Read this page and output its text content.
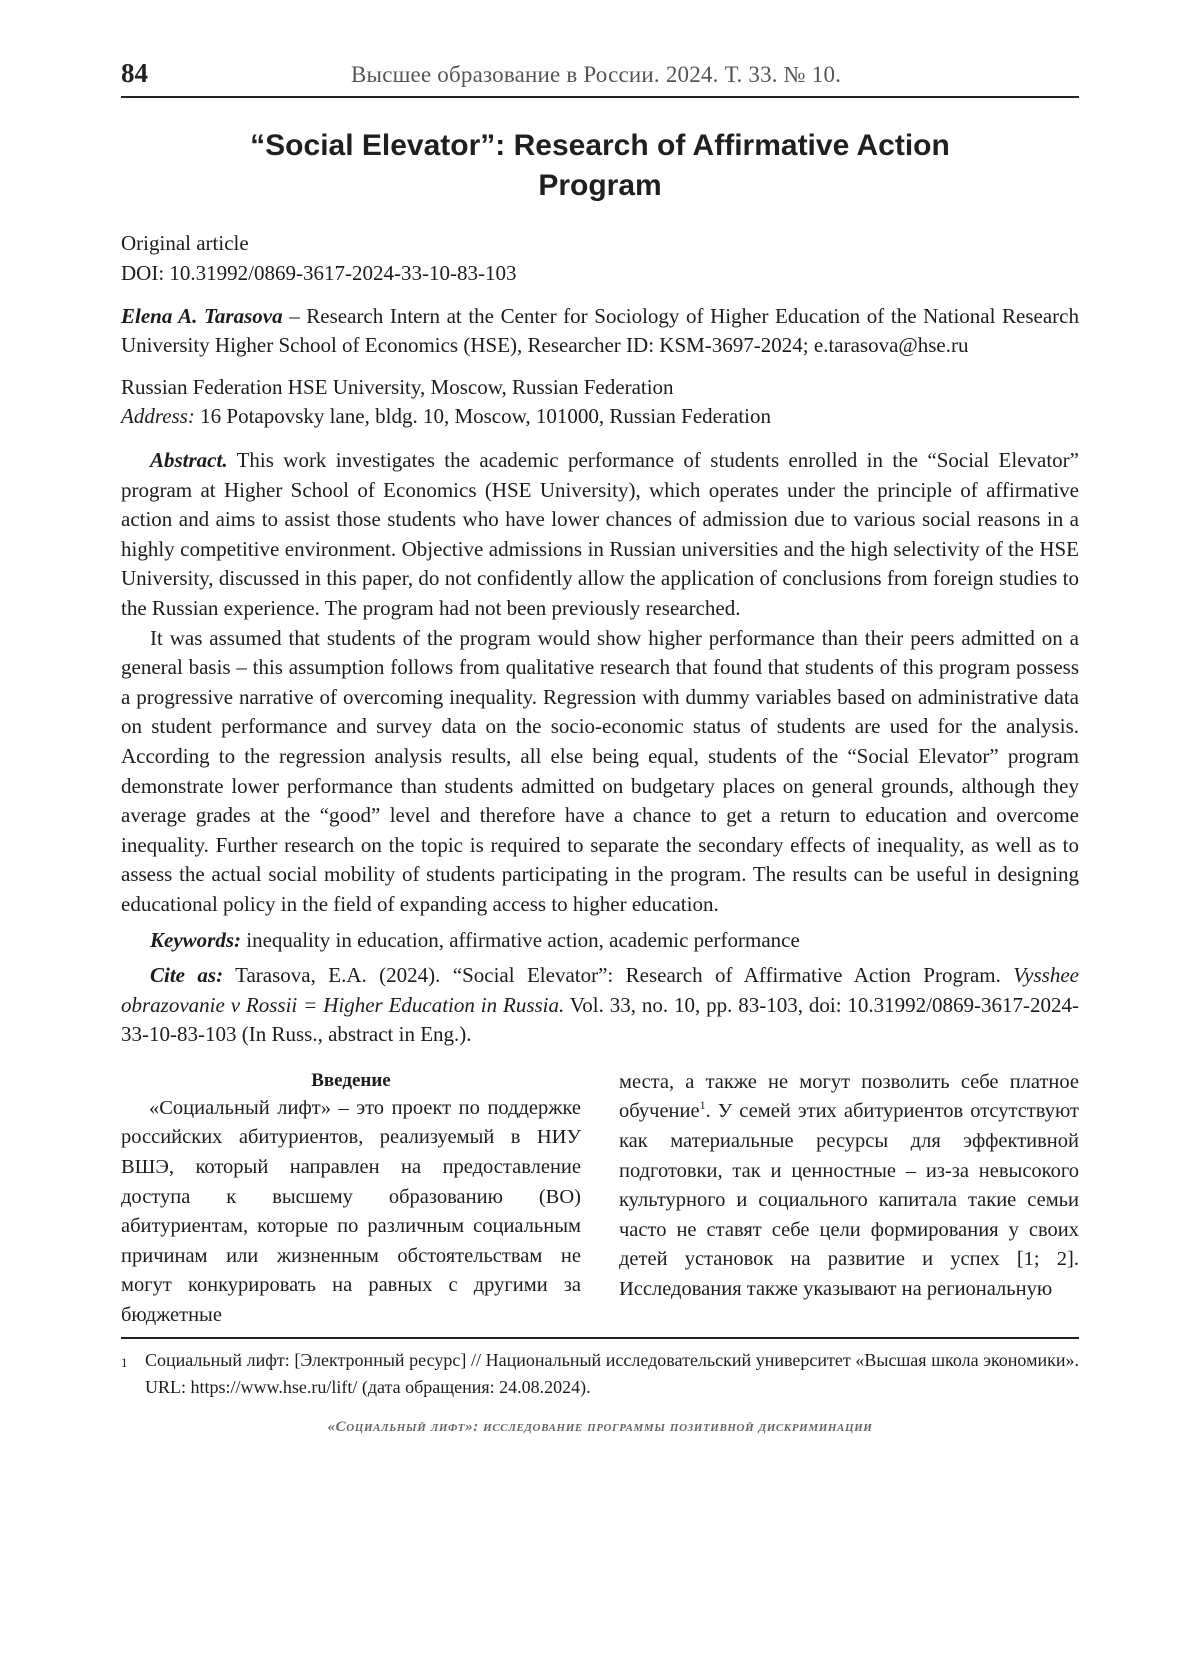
84	Высшее образование в России. 2024. Т. 33. № 10.
“Social Elevator”: Research of Affirmative Action
Program
Original article
DOI: 10.31992/0869-3617-2024-33-10-83-103
Elena A. Tarasova – Research Intern at the Center for Sociology of Higher Education of the National Research University Higher School of Economics (HSE), Researcher ID: KSM-3697-2024; e.tarasova@hse.ru
Russian Federation HSE University, Moscow, Russian Federation
Address: 16 Potapovsky lane, bldg. 10, Moscow, 101000, Russian Federation

Abstract. This work investigates the academic performance of students enrolled in the “Social Elevator” program at Higher School of Economics (HSE University), which operates under the principle of affirmative action and aims to assist those students who have lower chances of admission due to various social reasons in a highly competitive environment. Objective admissions in Russian universities and the high selectivity of the HSE University, discussed in this paper, do not confidently allow the application of conclusions from foreign studies to the Russian experience. The program had not been previously researched.

It was assumed that students of the program would show higher performance than their peers admitted on a general basis – this assumption follows from qualitative research that found that students of this program possess a progressive narrative of overcoming inequality. Regression with dummy variables based on administrative data on student performance and survey data on the socio-economic status of students are used for the analysis. According to the regression analysis results, all else being equal, students of the “Social Elevator” program demonstrate lower performance than students admitted on budgetary places on general grounds, although they average grades at the “good” level and therefore have a chance to get a return to education and overcome inequality. Further research on the topic is required to separate the secondary effects of inequality, as well as to assess the actual social mobility of students participating in the program. The results can be useful in designing educational policy in the field of expanding access to higher education.

Keywords: inequality in education, affirmative action, academic performance

Cite as: Tarasova, E.A. (2024). “Social Elevator”: Research of Affirmative Action Program. Vysshee obrazovanie v Rossii = Higher Education in Russia. Vol. 33, no. 10, pp. 83-103, doi: 10.31992/0869-3617-2024-33-10-83-103 (In Russ., abstract in Eng.).

Введение

«Социальный лифт» – это проект по поддержке российских абитуриентов, реализуемый в НИУ ВШЭ, который направлен на предоставление доступа к высшему образованию (ВО) абитуриентам, которые по различным социальным причинам или жизненным обстоятельствам не могут конкурировать на равных с другими за бюджетные

места, а также не могут позволить себе платное обучение$^1$. У семей этих абитуриентов отсутствуют как материальные ресурсы для эффективной подготовки, так и ценностные – из-за невысокого культурного и социального капитала такие семьи часто не ставят себе цели формирования у своих детей установок на развитие и успех [1; 2]. Исследования также указывают на региональную

1 Социальный лифт: [Электронный ресурс] // Национальный исследовательский университет «Высшая школа экономики». URL: https://www.hse.ru/lift/ (дата обращения: 24.08.2024).
«Социальный лифт»: исследование программы позитивной дискриминации
